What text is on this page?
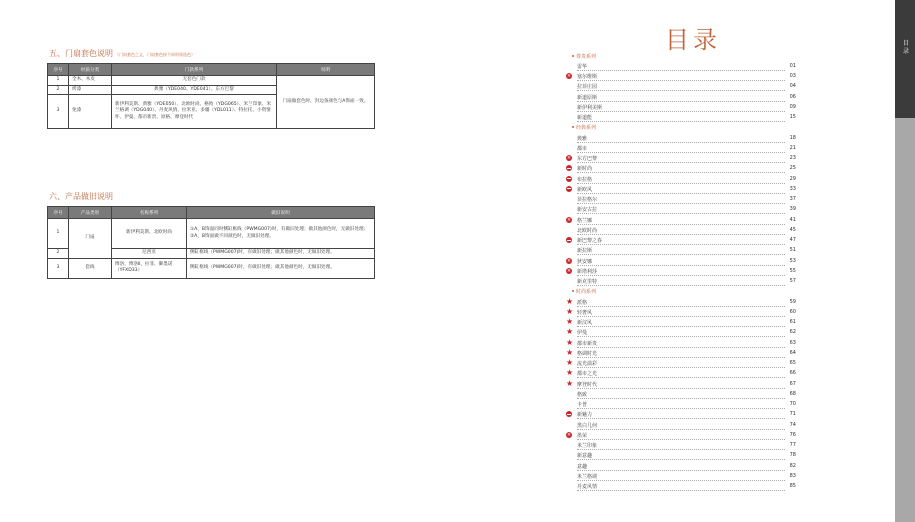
五、门扇套色说明 （门扇套色之义，门扇套色按不同材质选色）
序号	材质分类	门款系列	说明
1	全木、木皮	无套色门款	门扇做套色时，封边条颜色与A饰面一致。
2	烤漆	典雅（YDE040、YDE041）、东方巴黎	
3	免漆	新伊利美斯、典雅（YDE050）、北欧时尚、格致（YDG065）、米兰印象、米兰格调（YDG040）、丹麦风情、拉米亚、多疆（YDL011）、特拉托、小资情怀、伊曼、都市新贵、原格、摩登时代	
六、产品做旧说明
序号	产品类别	名称系列	做旧说明
1	门扇	新伊利美斯、北欧时尚	①A、B饰面同时侧缸框线（PWMG007)时，有做旧处理；做其他颜色时，无做旧处理；②A、B饰面做不同颜色时，无做旧处理。
2		尼西亚	侧缸框线（PWMG007)时，有做旧处理；做其他颜色时，无做旧处理。
3	套线	博洛、博洛Ⅱ、拉菲、御墨诺（YFXD33）	侧缸框线（PWMG007)时，有做旧处理；做其他颜色时，无做旧处理。
目录
尊贵系列
雷华	01
× 塞尔维斯	03
拉菲庄园	04
新道原斯	06
新伊利美斯	09
新道能	15
经典系列
典雅	18
都市	21
× 东方巴黎	23
新时尚	25
布拉格	29
新欧风	33
菲拉格尔	37
新安古拉	39
× 格兰娜	41
北欧时尚	45
新巴黎之春	47
新拉斯	51
× 狄安娜	53
× 新塔利莎	55
新克里特	57
时尚系列
★ 派格	59
★ 轻奢风	60
★ 新汉风	61
★ 伊曼	62
★ 都市新贵	63
★ 格调时光	64
★ 流光溢彩	65
★ 都市之光	66
★ 摩登时代	67
格致	68
卡普	70
新魅力	71
黑白几何	74
× 墨荣	76
米兰印象	77
新意趣	78
意趣	82
米兰格调	83
丹麦风情	85
目录
